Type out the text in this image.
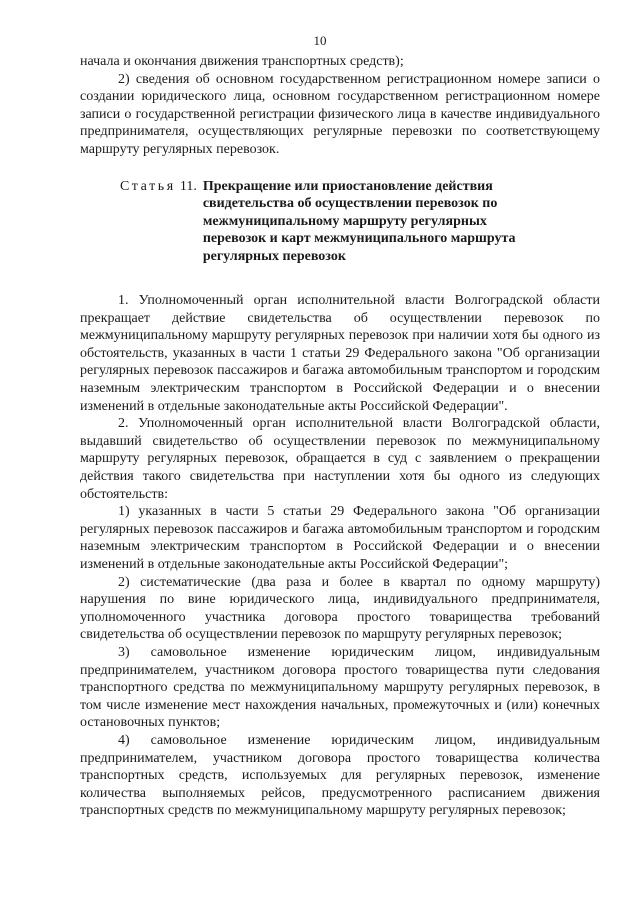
10

начала и окончания движения транспортных средств);

2) сведения об основном государственном регистрационном номере записи о создании юридического лица, основном государственном регистрационном номере записи о государственной регистрации физического лица в качестве индивидуального предпринимателя, осуществляющих регулярные перевозки по соответствующему маршруту регулярных перевозок.

Статья 11. Прекращение или приостановление действия свидетельства об осуществлении перевозок по межмуниципальному маршруту регулярных перевозок и карт межмуниципального маршрута регулярных перевозок

1. Уполномоченный орган исполнительной власти Волгоградской области прекращает действие свидетельства об осуществлении перевозок по межмуниципальному маршруту регулярных перевозок при наличии хотя бы одного из обстоятельств, указанных в части 1 статьи 29 Федерального закона "Об организации регулярных перевозок пассажиров и багажа автомобильным транспортом и городским наземным электрическим транспортом в Российской Федерации и о внесении изменений в отдельные законодательные акты Российской Федерации".

2. Уполномоченный орган исполнительной власти Волгоградской области, выдавший свидетельство об осуществлении перевозок по межмуниципальному маршруту регулярных перевозок, обращается в суд с заявлением о прекращении действия такого свидетельства при наступлении хотя бы одного из следующих обстоятельств:

1) указанных в части 5 статьи 29 Федерального закона "Об организации регулярных перевозок пассажиров и багажа автомобильным транспортом и городским наземным электрическим транспортом в Российской Федерации и о внесении изменений в отдельные законодательные акты Российской Федерации";

2) систематические (два раза и более в квартал по одному маршруту) нарушения по вине юридического лица, индивидуального предпринимателя, уполномоченного участника договора простого товарищества требований свидетельства об осуществлении перевозок по маршруту регулярных перевозок;

3) самовольное изменение юридическим лицом, индивидуальным предпринимателем, участником договора простого товарищества пути следования транспортного средства по межмуниципальному маршруту регулярных перевозок, в том числе изменение мест нахождения начальных, промежуточных и (или) конечных остановочных пунктов;

4) самовольное изменение юридическим лицом, индивидуальным предпринимателем, участником договора простого товарищества количества транспортных средств, используемых для регулярных перевозок, изменение количества выполняемых рейсов, предусмотренного расписанием движения транспортных средств по межмуниципальному маршруту регулярных перевозок;
